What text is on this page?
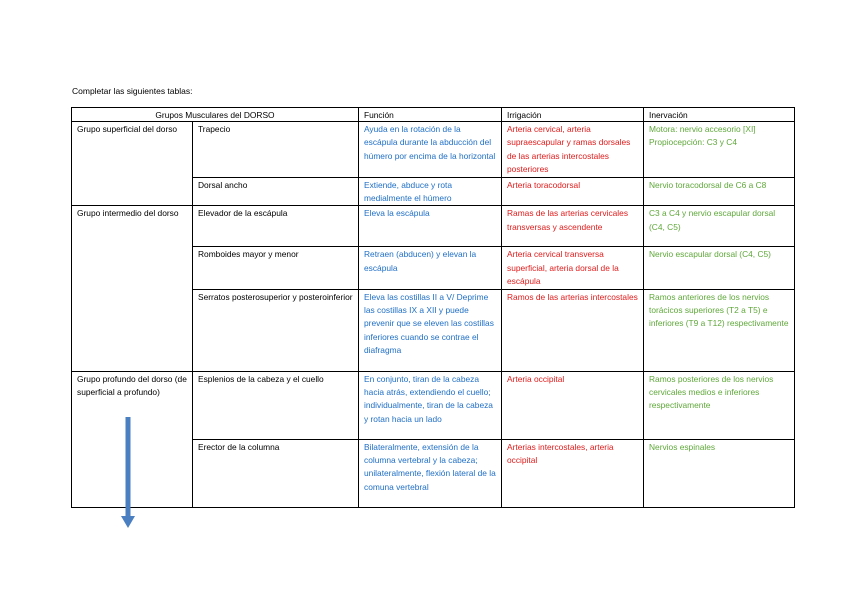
Completar las siguientes tablas:
Grupos Musculares del DORSO		Función	Irrigación	Inervación
Grupo superficial del dorso	Trapecio	Ayuda en la rotación de la escápula durante la abducción del húmero por encima de la horizontal	Arteria cervical, arteria supraescapular y ramas dorsales de las arterias intercostales posteriores	Motora: nervio accesorio [XI] Propiocepción: C3 y C4
	Dorsal ancho	Extiende, abduce y rota medialmente el húmero	Arteria toracodorsal	Nervio toracodorsal de C6 a C8
Grupo intermedio del dorso	Elevador de la escápula	Eleva la escápula	Ramas de las arterias cervicales transversas y ascendente	C3 a C4 y nervio escapular dorsal (C4, C5)
	Romboides mayor y menor	Retraen (abducen) y elevan la escápula	Arteria cervical transversa superficial, arteria dorsal de la escápula	Nervio escapular dorsal (C4, C5)
	Serratos posterosuperior y posteroinferior	Eleva las costillas II a V/ Deprime las costillas IX a XII y puede prevenir que se eleven las costillas inferiores cuando se contrae el diafragma	Ramos de las arterias intercostales	Ramos anteriores de los nervios torácicos superiores (T2 a T5) e inferiores (T9 a T12) respectivamente
Grupo profundo del dorso (de superficial a profundo)	Esplenios de la cabeza y el cuello	En conjunto, tiran de la cabeza hacia atrás, extendiendo el cuello; individualmente, tiran de la cabeza y rotan hacia un lado	Arteria occipital	Ramos posteriores de los nervios cervicales medios e inferiores respectivamente
	Erector de la columna	Bilateralmente, extensión de la columna vertebral y la cabeza; unilateralmente, flexión lateral de la comuna vertebral	Arterias intercostales, arteria occipital	Nervios espinales
